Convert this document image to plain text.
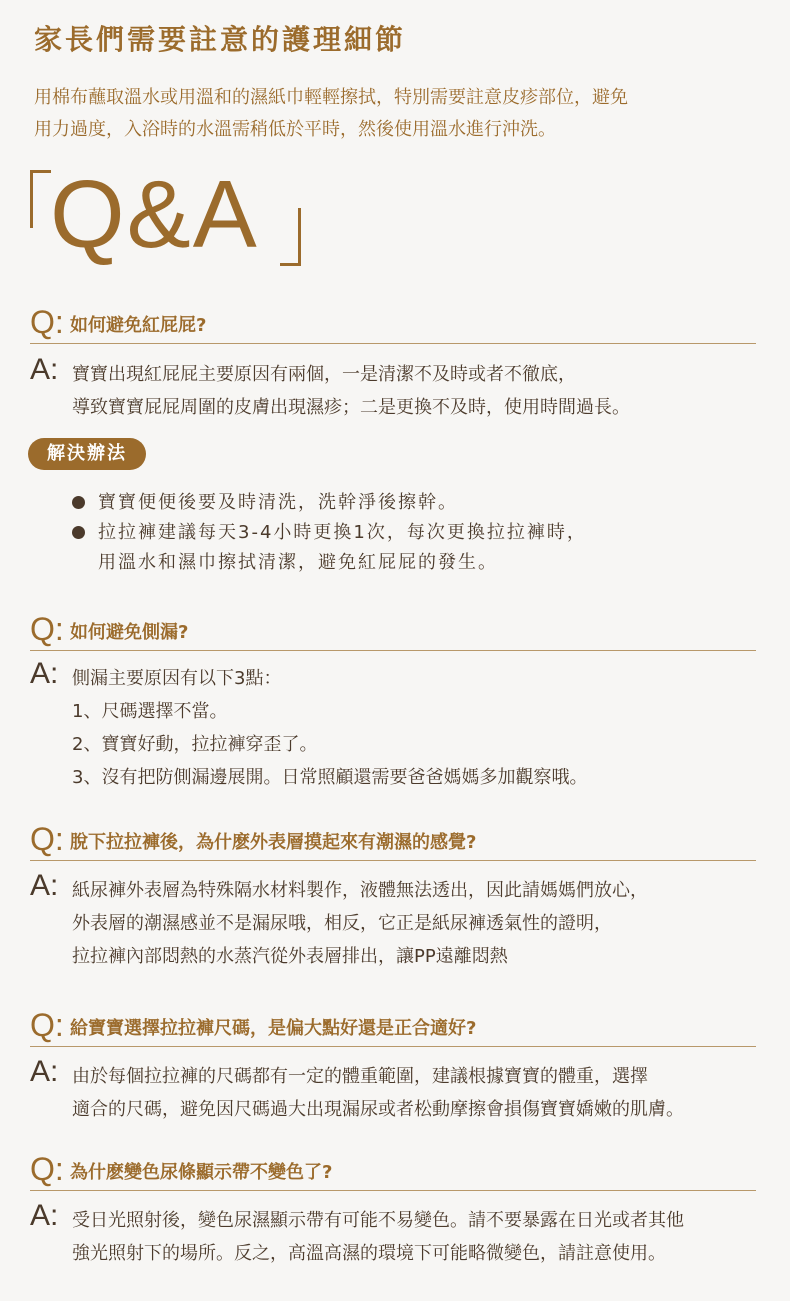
家長們需要註意的護理細節
用棉布蘸取溫水或用溫和的濕紙巾輕輕擦拭，特別需要註意皮疹部位，避免
用力過度，入浴時的水溫需稍低於平時，然後使用溫水進行沖洗。
Q&A
Q: 如何避免紅屁屁?
A: 寶寶出現紅屁屁主要原因有兩個，一是清潔不及時或者不徹底，
導致寶寶屁屁周圍的皮膚出現濕疹；二是更換不及時，使用時間過長。
解決辦法
寶寶便便後要及時清洗，洗幹淨後擦幹。
拉拉褲建議每天3-4小時更換1次，每次更換拉拉褲時，
用溫水和濕巾擦拭清潔，避免紅屁屁的發生。
Q: 如何避免側漏?
A: 側漏主要原因有以下3點：
1、尺碼選擇不當。
2、寶寶好動，拉拉褲穿歪了。
3、沒有把防側漏邊展開。日常照顧還需要爸爸媽媽多加觀察哦。
Q: 脫下拉拉褲後，為什麽外表層摸起來有潮濕的感覺?
A: 紙尿褲外表層為特殊隔水材料製作，液體無法透出，因此請媽媽們放心，
外表層的潮濕感並不是漏尿哦，相反，它正是紙尿褲透氣性的證明，
拉拉褲內部悶熱的水蒸汽從外表層排出，讓PP遠離悶熱
Q: 給寶寶選擇拉拉褲尺碼，是偏大點好還是正合適好?
A: 由於每個拉拉褲的尺碼都有一定的體重範圍，建議根據寶寶的體重，選擇
適合的尺碼，避免因尺碼過大出現漏尿或者松動摩擦會損傷寶寶嬌嫩的肌膚。
Q: 為什麽變色尿條顯示帶不變色了?
A: 受日光照射後，變色尿濕顯示帶有可能不易變色。請不要暴露在日光或者其他
強光照射下的場所。反之，高溫高濕的環境下可能略微變色，請註意使用。
